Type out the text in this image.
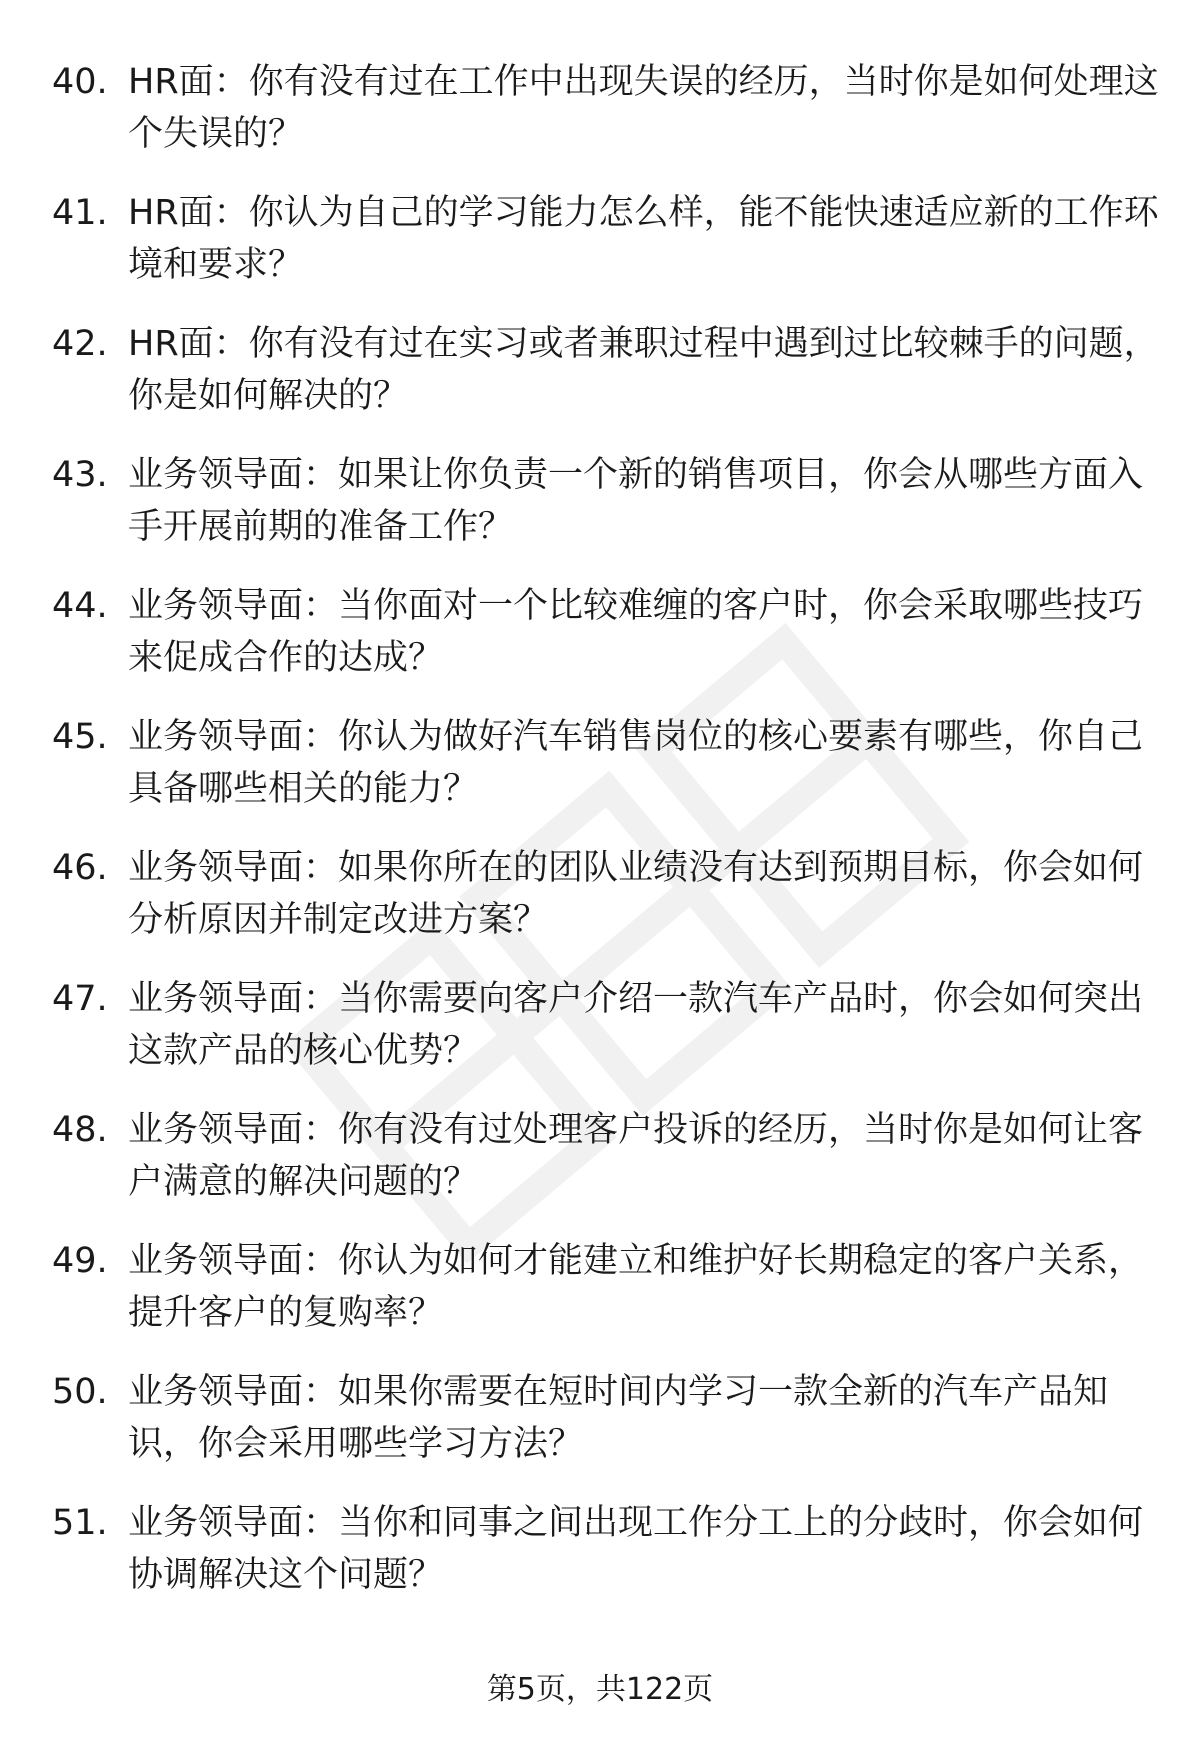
40. HR面：你有没有过在工作中出现失误的经历，当时你是如何处理这个失误的？
41. HR面：你认为自己的学习能力怎么样，能不能快速适应新的工作环境和要求？
42. HR面：你有没有过在实习或者兼职过程中遇到过比较棘手的问题，你是如何解决的？
43. 业务领导面：如果让你负责一个新的销售项目，你会从哪些方面入手开展前期的准备工作？
44. 业务领导面：当你面对一个比较难缠的客户时，你会采取哪些技巧来促成合作的达成？
45. 业务领导面：你认为做好汽车销售岗位的核心要素有哪些，你自己具备哪些相关的能力？
46. 业务领导面：如果你所在的团队业绩没有达到预期目标，你会如何分析原因并制定改进方案？
47. 业务领导面：当你需要向客户介绍一款汽车产品时，你会如何突出这款产品的核心优势？
48. 业务领导面：你有没有过处理客户投诉的经历，当时你是如何让客户满意的解决问题的？
49. 业务领导面：你认为如何才能建立和维护好长期稳定的客户关系，提升客户的复购率？
50. 业务领导面：如果你需要在短时间内学习一款全新的汽车产品知识，你会采用哪些学习方法？
51. 业务领导面：当你和同事之间出现工作分工上的分歧时，你会如何协调解决这个问题？
第5页，共122页
